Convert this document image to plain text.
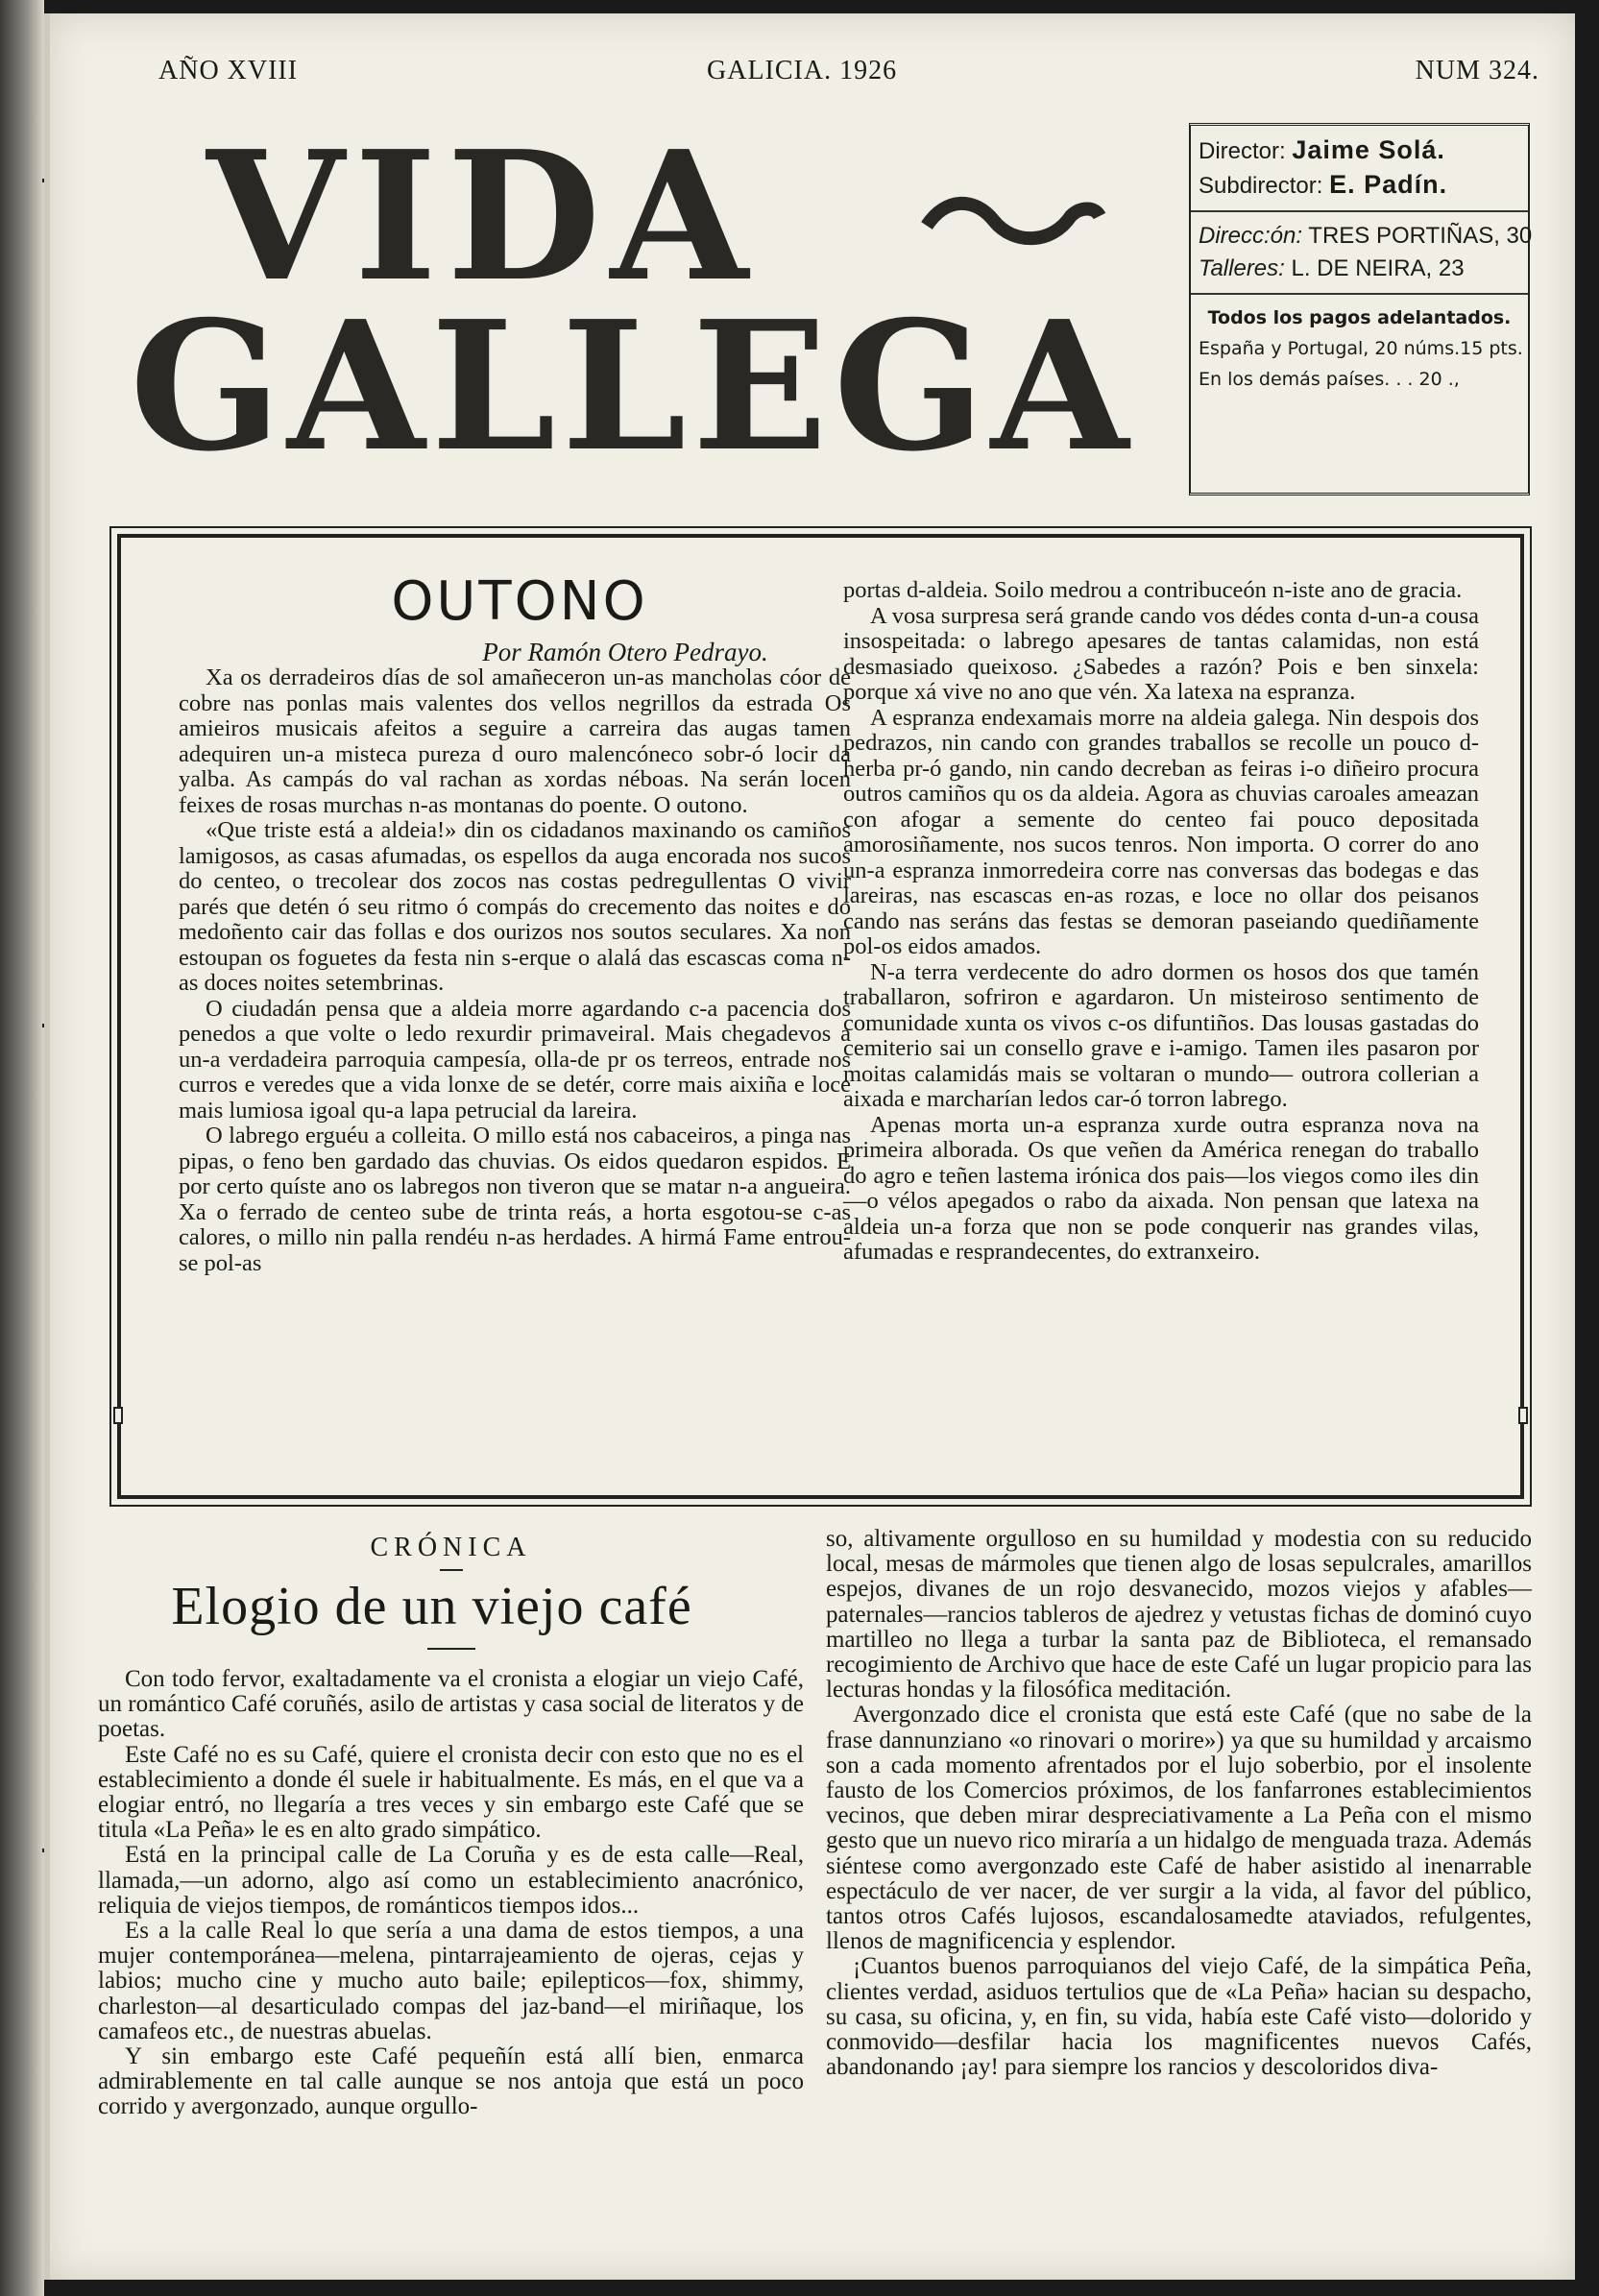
AÑO XVIII	GALICIA. 1926	NUM 324.
VIDA
GALLEGA
Director: Jaime Solá.
Subdirector: E. Padín.
Direcc:ón: TRES PORTIÑAS, 30
Talleres: L. DE NEIRA, 23
Todos los pagos adelantados.
España y Portugal, 20 núms.15 pts.
En los demás países. . . 20 .,
OUTONO
Por Ramón Otero Pedrayo.

Xa os derradeiros días de sol amañeceron un-as mancholas cóor de cobre nas ponlas mais valentes dos vellos negrillos da estrada Os amieiros musicais afeitos a seguire a carreira das augas tamen adequiren un-a misteca pureza d ouro malencóneco sobr-ó locir da yalba. As campás do val rachan as xordas néboas. Na serán locen feixes de rosas murchas n-as montanas do poente. O outono.

«Que triste está a aldeia!» din os cidadanos maxinando os camiños lamigosos, as casas afumadas, os espellos da auga encorada nos sucos do centeo, o trecolear dos zocos nas costas pedregullentas O vivir parés que detén ó seu ritmo ó compás do crecemento das noites e do medoñento cair das follas e dos ourizos nos soutos seculares. Xa non estoupan os foguetes da festa nin s-erque o alalá das escascas coma n-as doces noites setembrinas.

O ciudadán pensa que a aldeia morre agardando c-a pacencia dos penedos a que volte o ledo rexurdir primaveiral. Mais chegadevos a un-a verdadeira parroquia campesía, olla-de pr os terreos, entrade nos curros e veredes que a vida lonxe de se detér, corre mais aixiña e loce mais lumiosa igoal qu-a lapa petrucial da lareira.

O labrego erguéu a colleita. O millo está nos cabaceiros, a pinga nas pipas, o feno ben gardado das chuvias. Os eidos quedaron espidos. E por certo quíste ano os labregos non tiveron que se matar n-a angueira. Xa o ferrado de centeo sube de trinta reás, a horta esgotou-se c-as calores, o millo nin palla rendéu n-as herdades. A hirmá Fame entrou-se pol-as

portas d-aldeia. Soilo medrou a contribuceón n-iste ano de gracia.

A vosa surpresa será grande cando vos dédes conta d-un-a cousa insospeitada: o labrego apesares de tantas calamidas, non está desmasiado queixoso. ¿Sabedes a razón? Pois e ben sinxela: porque xá vive no ano que vén. Xa latexa na espranza.

A espranza endexamais morre na aldeia galega. Nin despois dos pedrazos, nin cando con grandes traballos se recolle un pouco d-herba pr-ó gando, nin cando decreban as feiras i-o diñeiro procura outros camiños qu os da aldeia. Agora as chuvias caroales ameazan con afogar a semente do centeo fai pouco depositada amorosiñamente, nos sucos tenros. Non importa. O correr do ano un-a espranza inmorredeira corre nas conversas das bodegas e das lareiras, nas escascas en-as rozas, e loce no ollar dos peisanos cando nas seráns das festas se demoran paseiando quediñamente pol-os eidos amados.

N-a terra verdecente do adro dormen os hosos dos que tamén traballaron, sofriron e agardaron. Un misteiroso sentimento de comunidade xunta os vivos c-os difuntiños. Das lousas gastadas do cemiterio sai un consello grave e i-amigo. Tamen iles pasaron por moitas calamidás mais se voltaran o mundo— outrora collerian a aixada e marcharían ledos car-ó torron labrego.

Apenas morta un-a espranza xurde outra espranza nova na primeira alborada. Os que veñen da América renegan do traballo do agro e teñen lastema irónica dos pais—los viegos como iles din—o vélos apegados o rabo da aixada. Non pensan que latexa na aldeia un-a forza que non se pode conquerir nas grandes vilas, afumadas e resprandecentes, do extranxeiro.

CRÓNICA
Elogio de un viejo café

Con todo fervor, exaltadamente va el cronista a elogiar un viejo Café, un romántico Café coruñés, asilo de artistas y casa social de literatos y de poetas.

Este Café no es su Café, quiere el cronista decir con esto que no es el establecimiento a donde él suele ir habitualmente. Es más, en el que va a elogiar entró, no llegaría a tres veces y sin embargo este Café que se titula «La Peña» le es en alto grado simpático.

Está en la principal calle de La Coruña y es de esta calle—Real, llamada,—un adorno, algo así como un establecimiento anacrónico, reliquia de viejos tiempos, de románticos tiempos idos...

Es a la calle Real lo que sería a una dama de estos tiempos, a una mujer contemporánea—melena, pintarrajeamiento de ojeras, cejas y labios; mucho cine y mucho auto baile; epilepticos—fox, shimmy, charleston—al desarticulado compas del jaz-band—el miriñaque, los camafeos etc., de nuestras abuelas.

Y sin embargo este Café pequeñín está allí bien, enmarca admirablemente en tal calle aunque se nos antoja que está un poco corrido y avergonzado, aunque orgullo-

so, altivamente orgulloso en su humildad y modestia con su reducido local, mesas de mármoles que tienen algo de losas sepulcrales, amarillos espejos, divanes de un rojo desvanecido, mozos viejos y afables—paternales—rancios tableros de ajedrez y vetustas fichas de dominó cuyo martilleo no llega a turbar la santa paz de Biblioteca, el remansado recogimiento de Archivo que hace de este Café un lugar propicio para las lecturas hondas y la filosófica meditación.

Avergonzado dice el cronista que está este Café (que no sabe de la frase dannunziano «o rinovari o morire») ya que su humildad y arcaismo son a cada momento afrentados por el lujo soberbio, por el insolente fausto de los Comercios próximos, de los fanfarrones establecimientos vecinos, que deben mirar despreciativamente a La Peña con el mismo gesto que un nuevo rico miraría a un hidalgo de menguada traza. Además siéntese como avergonzado este Café de haber asistido al inenarrable espectáculo de ver nacer, de ver surgir a la vida, al favor del público, tantos otros Cafés lujosos, escandalosamedte ataviados, refulgentes, llenos de magnificencia y esplendor.

¡Cuantos buenos parroquianos del viejo Café, de la simpática Peña, clientes verdad, asiduos tertulios que de «La Peña» hacian su despacho, su casa, su oficina, y, en fin, su vida, había este Café visto—dolorido y conmovido—desfilar hacia los magnificentes nuevos Cafés, abandonando ¡ay! para siempre los rancios y descoloridos diva-
